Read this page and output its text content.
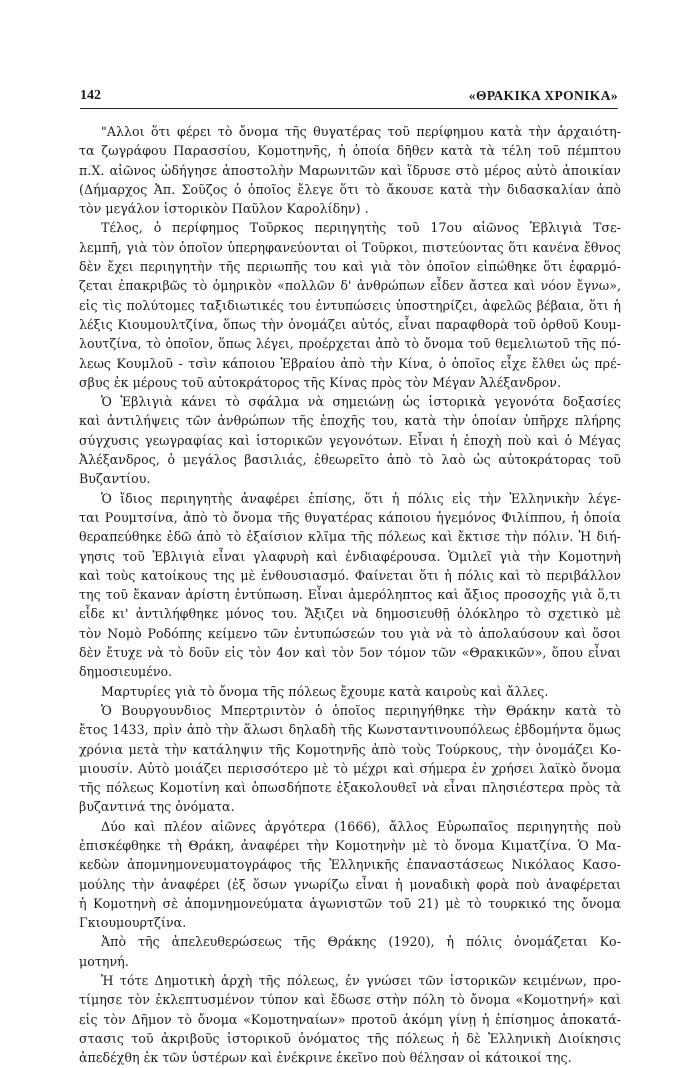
142	«ΘΡΑΚΙΚΑ ΧΡΟΝΙΚΑ»
"Αλλοι ὅτι φέρει τὸ ὄνομα τῆς θυγατέρας τοῦ περίφημου κατὰ τὴν ἀρχαιότη-
τα ζωγράφου Παρασσίου, Κομοτηνῆς, ἡ ὁποία δῆθεν κατὰ τὰ τέλη τοῦ πέμπτου
π.Χ. αἰῶνος ὡδήγησε ἀποστολὴν Μαρωνιτῶν καὶ ἵδρυσε στὸ μέρος αὐτὸ ἀποικίαν
(Δήμαρχος Ἀπ. Σοῦζος ὁ ὁποῖος ἔλεγε ὅτι τὸ ἄκουσε κατὰ τὴν διδασκαλίαν ἀπὸ
τὸν μεγάλον ἱστορικὸν Παῦλον Καρολίδην) .
Τέλος, ὁ περίφημος Τοῦρκος περιηγητὴς τοῦ 17ου αἰῶνος Ἐβλιγιὰ Τσε-
λεμπῆ, γιὰ τὸν ὁποῖον ὑπερηφανεύονται οἱ Τοῦρκοι, πιστεύοντας ὅτι κανένα ἔθνος
δὲν ἔχει περιηγητὴν τῆς περιωπῆς του καὶ γιὰ τὸν ὁποῖον εἰπώθηκε ὅτι ἐφαρμό-
ζεται ἐπακριβῶς τὸ ὁμηρικὸν «πολλῶν δ' ἀνθρώπων εἶδεν ἄστεα καὶ νόον ἔγνω»,
εἰς τὶς πολύτομες ταξιδιωτικές του ἐντυπώσεις ὑποστηρίζει, ἀφελῶς βέβαια, ὅτι ἡ
λέξις Κιουμουλτζίνα, ὅπως τὴν ὀνομάζει αὐτός, εἶναι παραφθορὰ τοῦ ὀρθοῦ Κουμ-
λουτζίνα, τὸ ὁποῖον, ὅπως λέγει, προέρχεται ἀπὸ τὸ ὄνομα τοῦ θεμελιωτοῦ τῆς πό-
λεως Κουμλοῦ - τσὶν κάποιου Ἑβραίου ἀπὸ τὴν Κίνα, ὁ ὁποῖος εἶχε ἔλθει ὡς πρέ-
σβυς ἐκ μέρους τοῦ αὐτοκράτορος τῆς Κίνας πρὸς τὸν Μέγαν Ἀλέξανδρον.
Ὁ Ἐβλιγιὰ κάνει τὸ σφάλμα νὰ σημειώνῃ ὡς ἱστορικὰ γεγονότα δοξασίες
καὶ ἀντιλήψεις τῶν ἀνθρώπων τῆς ἐποχῆς του, κατὰ τὴν ὁποίαν ὑπῆρχε πλήρης
σύγχυσις γεωγραφίας καὶ ἱστορικῶν γεγονότων. Εἶναι ἡ ἐποχὴ ποὺ καὶ ὁ Μέγας
Ἀλέξανδρος, ὁ μεγάλος βασιλιάς, ἐθεωρεῖτο ἀπὸ τὸ λαὸ ὡς αὐτοκράτορας τοῦ
Βυζαντίου.
Ὁ ἴδιος περιηγητὴς ἀναφέρει ἐπίσης, ὅτι ἡ πόλις εἰς τὴν Ἑλληνικὴν λέγε-
ται Ρουμτσίνα, ἀπὸ τὸ ὄνομα τῆς θυγατέρας κάποιου ἡγεμόνος Φιλίππου, ἡ ὁποία
θεραπεύθηκε ἐδῶ ἀπὸ τὸ ἐξαίσιον κλῖμα τῆς πόλεως καὶ ἔκτισε τὴν πόλιν. Ἡ διή-
γησις τοῦ Ἐβλιγιὰ εἶναι γλαφυρὴ καὶ ἐνδιαφέρουσα. Ὁμιλεῖ γιὰ τὴν Κομοτηνὴ
καὶ τοὺς κατοίκους της μὲ ἐνθουσιασμό. Φαίνεται ὅτι ἡ πόλις καὶ τὸ περιβάλλον
της τοῦ ἔκαναν ἀρίστη ἐντύπωση. Εἶναι ἀμερόληπτος καὶ ἄξιος προσοχῆς γιὰ ὅ,τι
εἶδε κι' ἀντιλήφθηκε μόνος του. Ἄξιζει νὰ δημοσιευθῇ ὁλόκληρο τὸ σχετικὸ μὲ
τὸν Νομὸ Ροδόπης κείμενο τῶν ἐντυπώσεών του γιὰ νὰ τὸ ἀπολαύσουν καὶ ὅσοι
δὲν ἔτυχε νὰ τὸ δοῦν εἰς τὸν 4ον καὶ τὸν 5ον τόμον τῶν «Θρακικῶν», ὅπου εἶναι
δημοσιευμένο.
Μαρτυρίες γιὰ τὸ ὄνομα τῆς πόλεως ἔχουμε κατὰ καιροὺς καὶ ἄλλες.
Ὁ Βουργουνδιος Μπερτριντὸν ὁ ὁποῖος περιηγήθηκε τὴν Θράκην κατὰ τὸ
ἔτος 1433, πρὶν ἀπὸ τὴν ἅλωσι δηλαδὴ τῆς Κωνσταντινουπόλεως ἑβδομήντα ὅμως
χρόνια μετὰ τὴν κατάληψιν τῆς Κομοτηνῆς ἀπὸ τοὺς Τούρκους, τὴν ὀνομάζει Κο-
μιουσίν. Αὐτὸ μοιάζει περισσότερο μὲ τὸ μέχρι καὶ σήμερα ἐν χρήσει λαϊκὸ ὄνομα
τῆς πόλεως Κομοτίνη καὶ ὁπωσδήποτε ἐξακολουθεῖ νὰ εἶναι πλησιέστερα πρὸς τὰ
βυζαντινά της ὀνόματα.
Δύο καὶ πλέον αἰῶνες ἀργότερα (1666), ἄλλος Εὐρωπαῖος περιηγητὴς ποὺ
ἐπισκέφθηκε τὴ Θράκη, ἀναφέρει τὴν Κομοτηνὴν μὲ τὸ ὄνομα Κιματζίνα. Ὁ Μα-
κεδὼν ἀπομνημονευματογράφος τῆς Ἑλληνικῆς ἐπαναστάσεως Νικόλαος Κασο-
μούλης τὴν ἀναφέρει (ἐξ ὅσων γνωρίζω εἶναι ἡ μοναδικὴ φορὰ ποὺ ἀναφέρεται
ἡ Κομοτηνὴ σὲ ἀπομνημονεύματα ἀγωνιστῶν τοῦ 21) μὲ τὸ τουρκικό της ὄνομα
Γκιουμουρτζίνα.
Ἀπὸ τῆς ἀπελευθερώσεως τῆς Θράκης (1920), ἡ πόλις ὀνομάζεται Κο-
μοτηνή.
Ἡ τότε Δημοτικὴ ἀρχὴ τῆς πόλεως, ἐν γνώσει τῶν ἱστορικῶν κειμένων, προ-
τίμησε τὸν ἐκλεπτυσμένον τύπον καὶ ἔδωσε στὴν πόλη τὸ ὄνομα «Κομοτηνή» καὶ
εἰς τὸν Δῆμον τὸ ὄνομα «Κομοτηναίων» προτοῦ ἀκόμη γίνῃ ἡ ἐπίσημος ἀποκατά-
στασις τοῦ ἀκριβοῦς ἱστορικοῦ ὀνόματος τῆς πόλεως ἡ δὲ Ἑλληνικὴ Διοίκησις
ἀπεδέχθη ἐκ τῶν ὑστέρων καὶ ἐνέκρινε ἐκεῖνο ποὺ θέλησαν οἱ κάτοικοί της.
